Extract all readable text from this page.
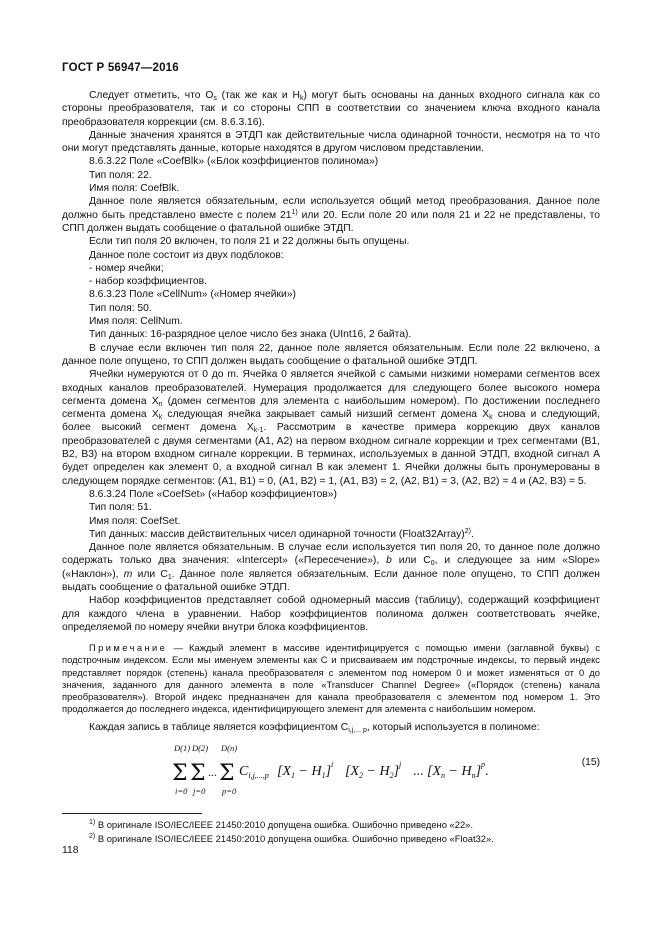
ГОСТ Р 56947—2016

Следует отметить, что $O_s$ (так же как и $H_k$) могут быть основаны на данных входного сигнала как со стороны преобразователя, так и со стороны СПП в соответствии со значением ключа входного канала преобразователя коррекции (см. 8.6.3.16).

Данные значения хранятся в ЭТДП как действительные числа одинарной точности, несмотря на то что они могут представлять данные, которые находятся в другом числовом представлении.

8.6.3.22 Поле «CoefBlk» («Блок коэффициентов полинома»)

Тип поля: 22.

Имя поля: CoefBlk.

Данное поле является обязательным, если используется общий метод преобразования. Данное поле должно быть представлено вместе с полем 21$^{1)}$ или 20. Если поле 20 или поля 21 и 22 не представлены, то СПП должен выдать сообщение о фатальной ошибке ЭТДП.

Если тип поля 20 включен, то поля 21 и 22 должны быть опущены.

Данное поле состоит из двух подблоков:

- номер ячейки;

- набор коэффициентов.

8.6.3.23 Поле «CellNum» («Номер ячейки»)

Тип поля: 50.

Имя поля: CellNum.

Тип данных: 16-разрядное целое число без знака (UInt16, 2 байта).

В случае если включен тип поля 22, данное поле является обязательным. Если поле 22 включено, а данное поле опущено, то СПП должен выдать сообщение о фатальной ошибке ЭТДП.

Ячейки нумеруются от 0 до m. Ячейка 0 является ячейкой с самыми низкими номерами сегментов всех входных каналов преобразователей. Нумерация продолжается для следующего более высокого номера сегмента домена $X_n$ (домен сегментов для элемента с наибольшим номером). По достижении последнего сегмента домена $X_k$ следующая ячейка закрывает самый низший сегмент домена $X_k$ снова и следующий, более высокий сегмент домена $X_{k-1}$. Рассмотрим в качестве примера коррекцию двух каналов преобразователей с двумя сегментами (A1, A2) на первом входном сигнале коррекции и трех сегментами (B1, B2, B3) на втором входном сигнале коррекции. В терминах, используемых в данной ЭТДП, входной сигнал A будет определен как элемент 0, а входной сигнал B как элемент 1. Ячейки должны быть пронумерованы в следующем порядке сегментов: (A1, B1) = 0, (A1, B2) = 1, (A1, B3) = 2, (A2, B1) = 3, (A2, B2) = 4 и (A2, B3) = 5.

8.6.3.24 Поле «CoefSet» («Набор коэффициентов»)

Тип поля: 51.

Имя поля: CoefSet.

Тип данных: массив действительных чисел одинарной точности (Float32Array)$^{2)}$.

Данное поле является обязательным. В случае если используется тип поля 20, то данное поле должно содержать только два значения: «Intercept» («Пересечение»), b или $C_0$, и следующее за ним «Slope» («Наклон»), m или $C_1$. Данное поле является обязательным. Если данное поле опущено, то СПП должен выдать сообщение о фатальной ошибке ЭТДП.

Набор коэффициентов представляет собой одномерный массив (таблицу), содержащий коэффициент для каждого члена в уравнении. Набор коэффициентов полинома должен соответствовать ячейке, определяемой по номеру ячейки внутри блока коэффициентов.

Примечание — Каждый элемент в массиве идентифицируется с помощью имени (заглавной буквы) с подстрочным индексом. Если мы именуем элементы как C и присваиваем им подстрочные индексы, то первый индекс представляет порядок (степень) канала преобразователя с элементом под номером 0 и может изменяться от 0 до значения, заданного для данного элемента в поле «Transducer Channel Degree» («Порядок (степень) канала преобразователя»). Второй индекс предназначен для канала преобразователя с элементом под номером 1. Это продолжается до последнего индекса, идентифицирующего элемент для элемента с наибольшим номером.

Каждая запись в таблице является коэффициентом $C_{i,j,... p}$, который используется в полиноме:

D(1) D(2) D(n)
i=0 j=0 p=0
Σ Σ Σ
... $C_{i,j,...,p}$ $[X_1 - H_1]^i$ $[X_2 - H_2]^j$ ... $[X_n - H_n]^p$.
(15)
$^{1)}$ В оригинале ISO/IEC/IEEE 21450:2010 допущена ошибка. Ошибочно приведено «22».
$^{2)}$ В оригинале ISO/IEC/IEEE 21450:2010 допущена ошибка. Ошибочно приведено «Float32».
118
